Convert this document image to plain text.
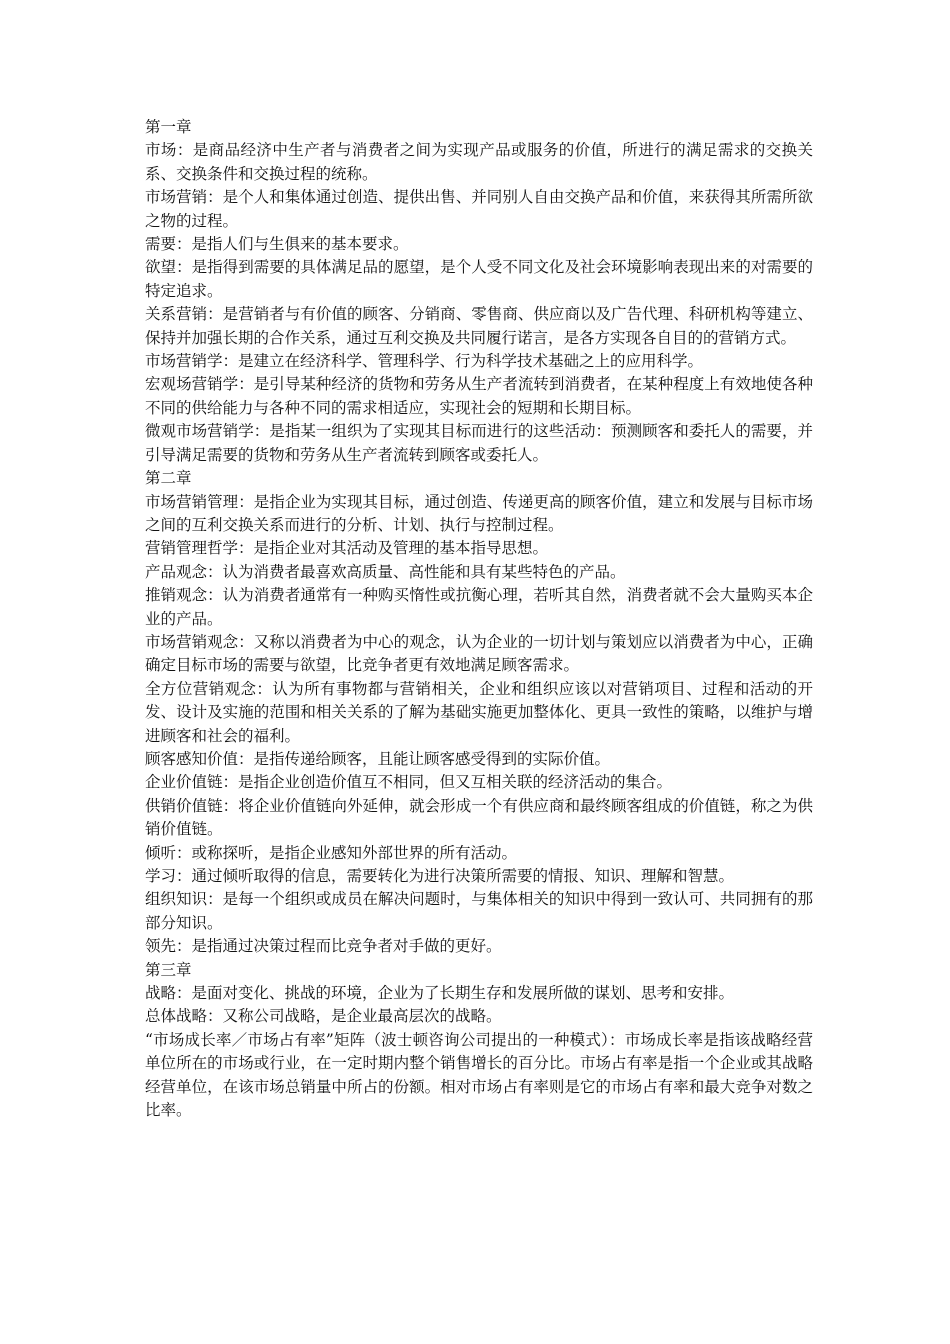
第一章

市场：是商品经济中生产者与消费者之间为实现产品或服务的价值，所进行的满足需求的交换关系、交换条件和交换过程的统称。

市场营销：是个人和集体通过创造、提供出售、并同别人自由交换产品和价值，来获得其所需所欲之物的过程。

需要：是指人们与生俱来的基本要求。

欲望：是指得到需要的具体满足品的愿望，是个人受不同文化及社会环境影响表现出来的对需要的特定追求。

关系营销：是营销者与有价值的顾客、分销商、零售商、供应商以及广告代理、科研机构等建立、保持并加强长期的合作关系，通过互利交换及共同履行诺言，是各方实现各自目的的营销方式。

市场营销学：是建立在经济科学、管理科学、行为科学技术基础之上的应用科学。

宏观场营销学：是引导某种经济的货物和劳务从生产者流转到消费者，在某种程度上有效地使各种不同的供给能力与各种不同的需求相适应，实现社会的短期和长期目标。

微观市场营销学：是指某一组织为了实现其目标而进行的这些活动：预测顾客和委托人的需要，并引导满足需要的货物和劳务从生产者流转到顾客或委托人。

第二章

市场营销管理：是指企业为实现其目标，通过创造、传递更高的顾客价值，建立和发展与目标市场之间的互利交换关系而进行的分析、计划、执行与控制过程。

营销管理哲学：是指企业对其活动及管理的基本指导思想。

产品观念：认为消费者最喜欢高质量、高性能和具有某些特色的产品。

推销观念：认为消费者通常有一种购买惰性或抗衡心理，若听其自然，消费者就不会大量购买本企业的产品。

市场营销观念：又称以消费者为中心的观念，认为企业的一切计划与策划应以消费者为中心，正确确定目标市场的需要与欲望，比竞争者更有效地满足顾客需求。

全方位营销观念：认为所有事物都与营销相关，企业和组织应该以对营销项目、过程和活动的开发、设计及实施的范围和相关关系的了解为基础实施更加整体化、更具一致性的策略，以维护与增进顾客和社会的福利。

顾客感知价值：是指传递给顾客，且能让顾客感受得到的实际价值。

企业价值链：是指企业创造价值互不相同，但又互相关联的经济活动的集合。

供销价值链：将企业价值链向外延伸，就会形成一个有供应商和最终顾客组成的价值链，称之为供销价值链。

倾听：或称探听，是指企业感知外部世界的所有活动。

学习：通过倾听取得的信息，需要转化为进行决策所需要的情报、知识、理解和智慧。

组织知识：是每一个组织或成员在解决问题时，与集体相关的知识中得到一致认可、共同拥有的那部分知识。

领先：是指通过决策过程而比竞争者对手做的更好。

第三章

战略：是面对变化、挑战的环境，企业为了长期生存和发展所做的谋划、思考和安排。

总体战略：又称公司战略，是企业最高层次的战略。

“市场成长率／市场占有率”矩阵（波士顿咨询公司提出的一种模式）：市场成长率是指该战略经营单位所在的市场或行业，在一定时期内整个销售增长的百分比。市场占有率是指一个企业或其战略经营单位，在该市场总销量中所占的份额。相对市场占有率则是它的市场占有率和最大竞争对数之比率。
